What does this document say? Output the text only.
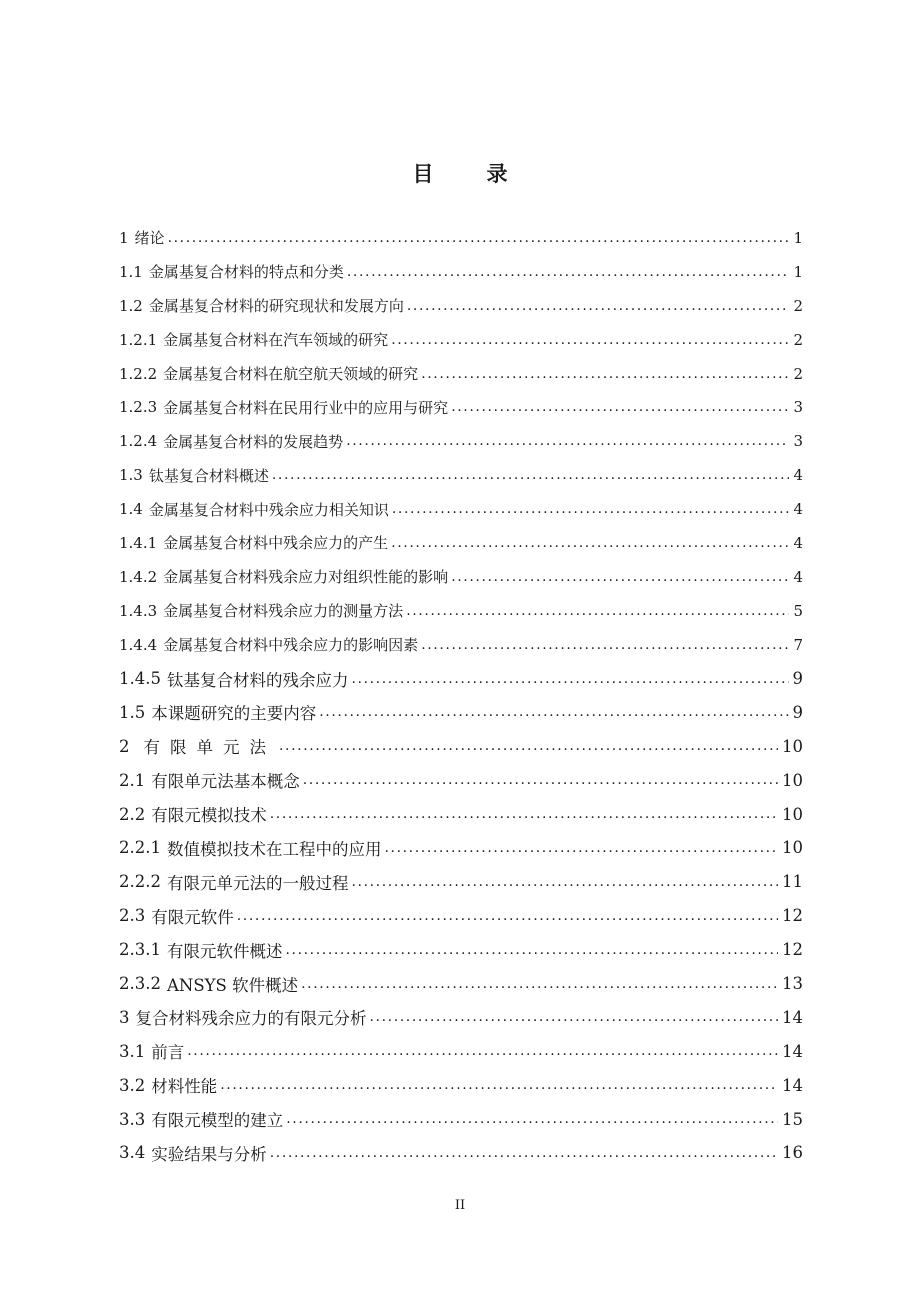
目　录
1 绪论 .....	1
1.1 金属基复合材料的特点和分类 .....	1
1.2 金属基复合材料的研究现状和发展方向 .....	2
1.2.1 金属基复合材料在汽车领域的研究 .....	2
1.2.2 金属基复合材料在航空航天领域的研究 .....	2
1.2.3 金属基复合材料在民用行业中的应用与研究 .....	3
1.2.4 金属基复合材料的发展趋势 .....	3
1.3 钛基复合材料概述 .....	4
1.4 金属基复合材料中残余应力相关知识 .....	4
1.4.1 金属基复合材料中残余应力的产生 .....	4
1.4.2 金属基复合材料残余应力对组织性能的影响 .....	4
1.4.3 金属基复合材料残余应力的测量方法 .....	5
1.4.4 金属基复合材料中残余应力的影响因素 .....	7
1.4.5 钛基复合材料的残余应力 .....	9
1.5 本课题研究的主要内容 .....	9
2 有限单元法 .....	10
2.1 有限单元法基本概念 .....	10
2.2 有限元模拟技术 .....	10
2.2.1 数值模拟技术在工程中的应用 .....	10
2.2.2 有限元单元法的一般过程 .....	11
2.3 有限元软件 .....	12
2.3.1 有限元软件概述 .....	12
2.3.2 ANSYS 软件概述 .....	13
3 复合材料残余应力的有限元分析 .....	14
3.1 前言 .....	14
3.2 材料性能 .....	14
3.3 有限元模型的建立 .....	15
3.4 实验结果与分析 .....	16
II
